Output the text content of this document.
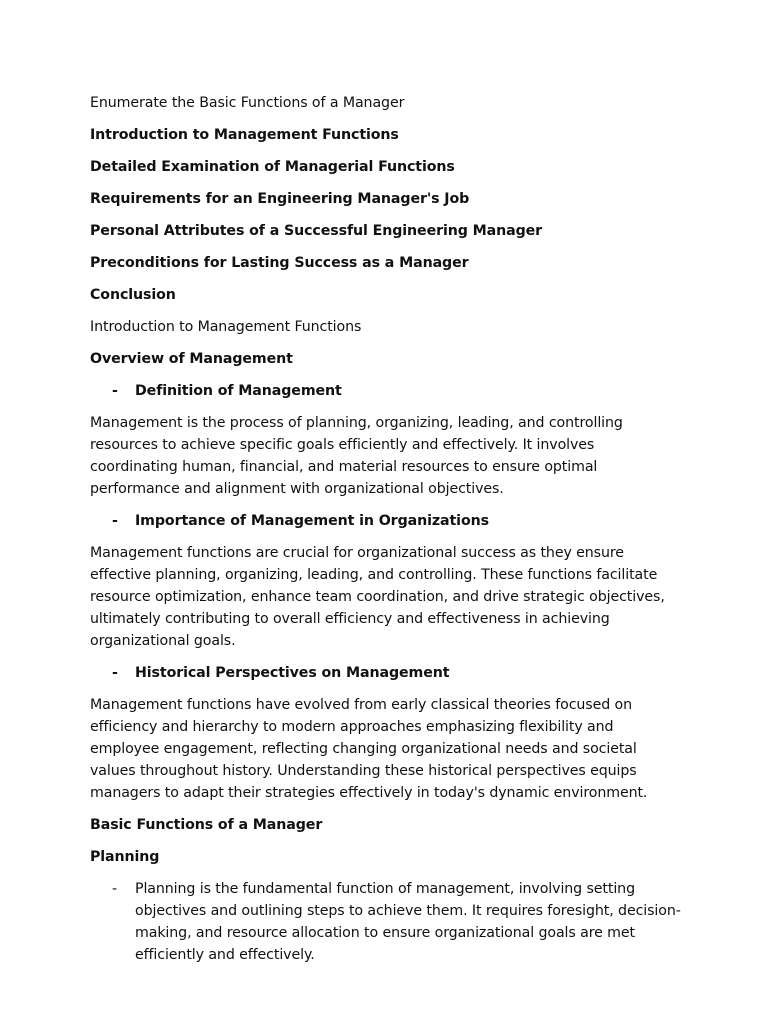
Enumerate the Basic Functions of a Manager
Introduction to Management Functions
Detailed Examination of Managerial Functions
Requirements for an Engineering Manager's Job
Personal Attributes of a Successful Engineering Manager
Preconditions for Lasting Success as a Manager
Conclusion
Introduction to Management Functions
Overview of Management
- Definition of Management
Management is the process of planning, organizing, leading, and controlling resources to achieve specific goals efficiently and effectively. It involves coordinating human, financial, and material resources to ensure optimal performance and alignment with organizational objectives.
- Importance of Management in Organizations
Management functions are crucial for organizational success as they ensure effective planning, organizing, leading, and controlling. These functions facilitate resource optimization, enhance team coordination, and drive strategic objectives, ultimately contributing to overall efficiency and effectiveness in achieving organizational goals.
- Historical Perspectives on Management
Management functions have evolved from early classical theories focused on efficiency and hierarchy to modern approaches emphasizing flexibility and employee engagement, reflecting changing organizational needs and societal values throughout history. Understanding these historical perspectives equips managers to adapt their strategies effectively in today's dynamic environment.
Basic Functions of a Manager
Planning
- Planning is the fundamental function of management, involving setting objectives and outlining steps to achieve them. It requires foresight, decision-making, and resource allocation to ensure organizational goals are met efficiently and effectively.
